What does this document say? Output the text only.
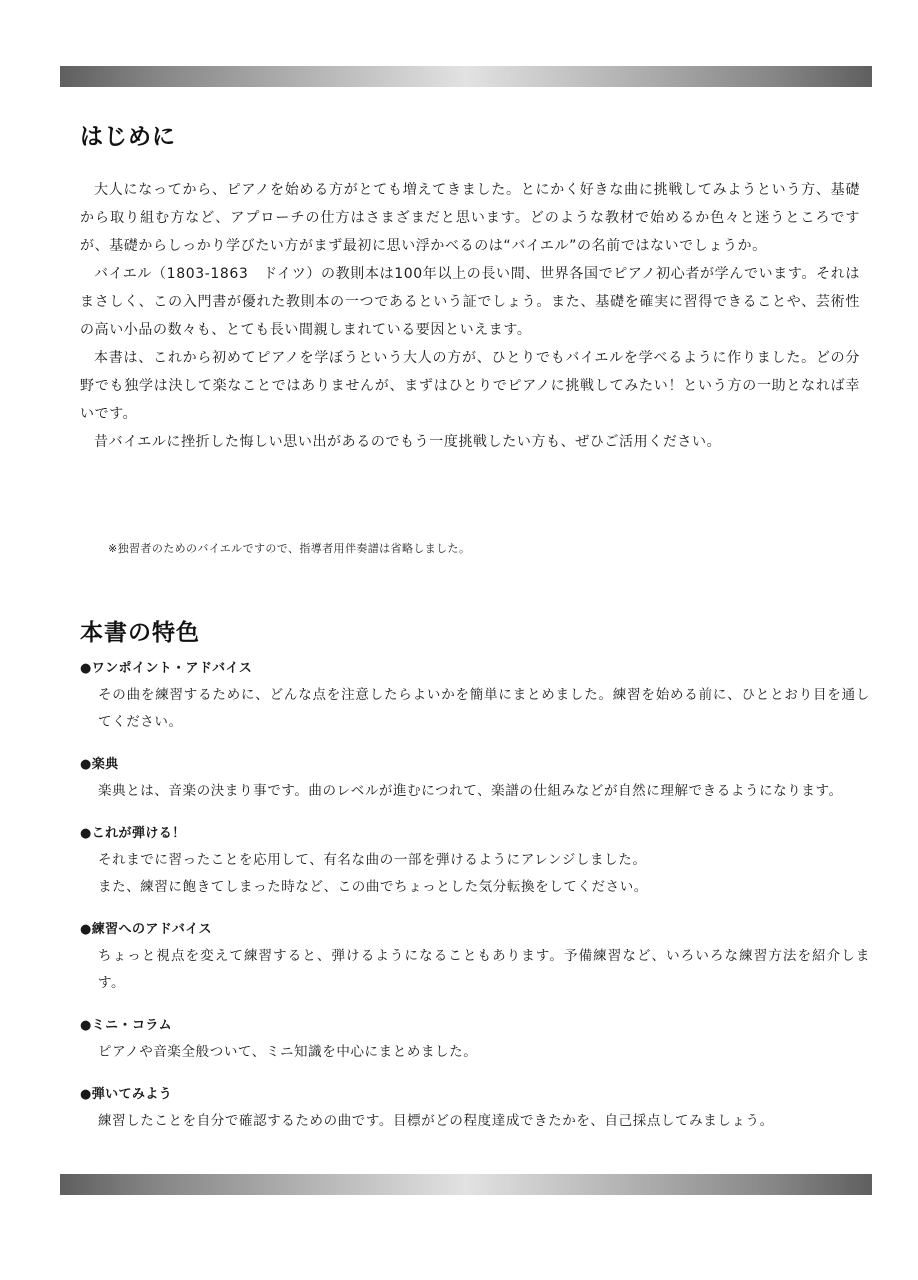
はじめに

大人になってから、ピアノを始める方がとても増えてきました。とにかく好きな曲に挑戦してみようという方、基礎から取り組む方など、アプローチの仕方はさまざまだと思います。どのような教材で始めるか色々と迷うところですが、基礎からしっかり学びたい方がまず最初に思い浮かべるのは“バイエル”の名前ではないでしょうか。

バイエル（1803-1863　ドイツ）の教則本は100年以上の長い間、世界各国でピアノ初心者が学んでいます。それはまさしく、この入門書が優れた教則本の一つであるという証でしょう。また、基礎を確実に習得できることや、芸術性の高い小品の数々も、とても長い間親しまれている要因といえます。

本書は、これから初めてピアノを学ぼうという大人の方が、ひとりでもバイエルを学べるように作りました。どの分野でも独学は決して楽なことではありませんが、まずはひとりでピアノに挑戦してみたい！という方の一助となれば幸いです。

昔バイエルに挫折した悔しい思い出があるのでもう一度挑戦したい方も、ぜひご活用ください。

※独習者のためのバイエルですので、指導者用伴奏譜は省略しました。

本書の特色

●ワンポイント・アドバイス

その曲を練習するために、どんな点を注意したらよいかを簡単にまとめました。練習を始める前に、ひととおり目を通してください。

●楽典

楽典とは、音楽の決まり事です。曲のレベルが進むにつれて、楽譜の仕組みなどが自然に理解できるようになります。

●これが弾ける！

それまでに習ったことを応用して、有名な曲の一部を弾けるようにアレンジしました。
また、練習に飽きてしまった時など、この曲でちょっとした気分転換をしてください。

●練習へのアドバイス

ちょっと視点を変えて練習すると、弾けるようになることもあります。予備練習など、いろいろな練習方法を紹介します。

●ミニ・コラム

ピアノや音楽全般ついて、ミニ知識を中心にまとめました。

●弾いてみよう

練習したことを自分で確認するための曲です。目標がどの程度達成できたかを、自己採点してみましょう。
